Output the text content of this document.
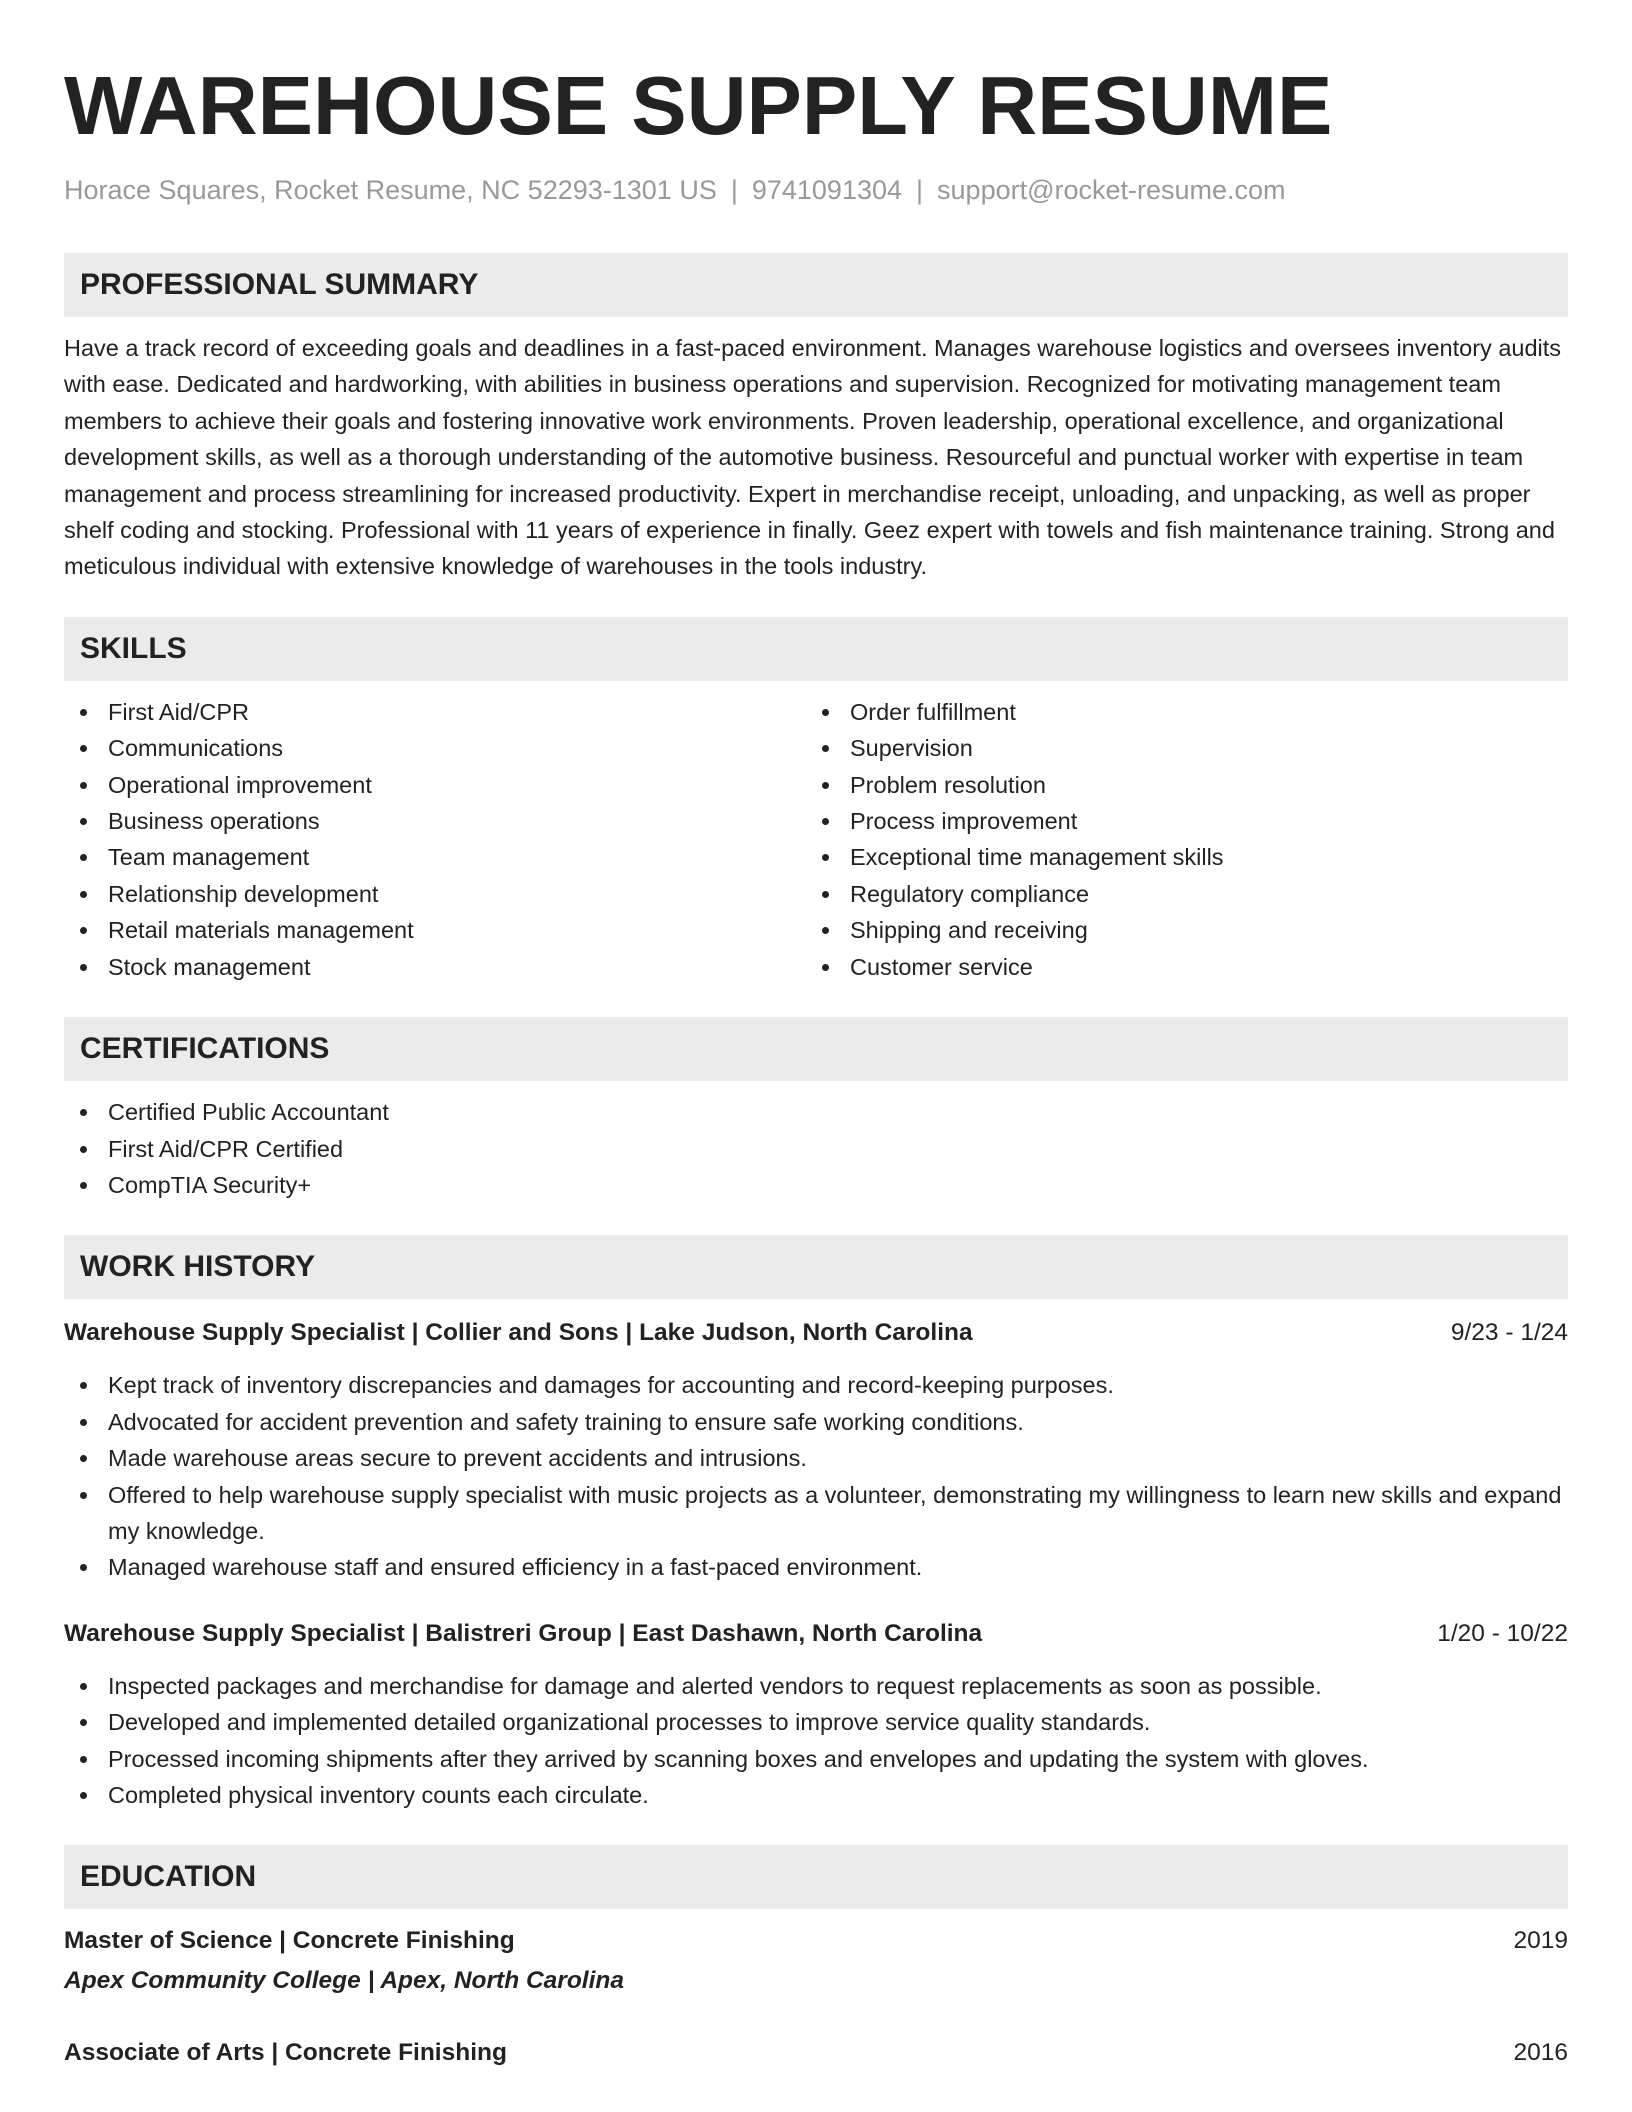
WAREHOUSE SUPPLY RESUME
Horace Squares, Rocket Resume, NC 52293-1301 US | 9741091304 | support@rocket-resume.com
PROFESSIONAL SUMMARY

Have a track record of exceeding goals and deadlines in a fast-paced environment. Manages warehouse logistics and oversees inventory audits with ease. Dedicated and hardworking, with abilities in business operations and supervision. Recognized for motivating management team members to achieve their goals and fostering innovative work environments. Proven leadership, operational excellence, and organizational development skills, as well as a thorough understanding of the automotive business. Resourceful and punctual worker with expertise in team management and process streamlining for increased productivity. Expert in merchandise receipt, unloading, and unpacking, as well as proper shelf coding and stocking. Professional with 11 years of experience in finally. Geez expert with towels and fish maintenance training. Strong and meticulous individual with extensive knowledge of warehouses in the tools industry.

SKILLS
First Aid/CPR
Communications
Operational improvement
Business operations
Team management
Relationship development
Retail materials management
Stock management
Order fulfillment
Supervision
Problem resolution
Process improvement
Exceptional time management skills
Regulatory compliance
Shipping and receiving
Customer service
CERTIFICATIONS
Certified Public Accountant
First Aid/CPR Certified
CompTIA Security+
WORK HISTORY
Warehouse Supply Specialist | Collier and Sons | Lake Judson, North Carolina	9/23 - 1/24
Kept track of inventory discrepancies and damages for accounting and record-keeping purposes.
Advocated for accident prevention and safety training to ensure safe working conditions.
Made warehouse areas secure to prevent accidents and intrusions.
Offered to help warehouse supply specialist with music projects as a volunteer, demonstrating my willingness to learn new skills and expand my knowledge.
Managed warehouse staff and ensured efficiency in a fast-paced environment.
Warehouse Supply Specialist | Balistreri Group | East Dashawn, North Carolina	1/20 - 10/22
Inspected packages and merchandise for damage and alerted vendors to request replacements as soon as possible.
Developed and implemented detailed organizational processes to improve service quality standards.
Processed incoming shipments after they arrived by scanning boxes and envelopes and updating the system with gloves.
Completed physical inventory counts each circulate.
EDUCATION
Master of Science | Concrete Finishing	2019
Apex Community College | Apex, North Carolina
Associate of Arts | Concrete Finishing	2016
